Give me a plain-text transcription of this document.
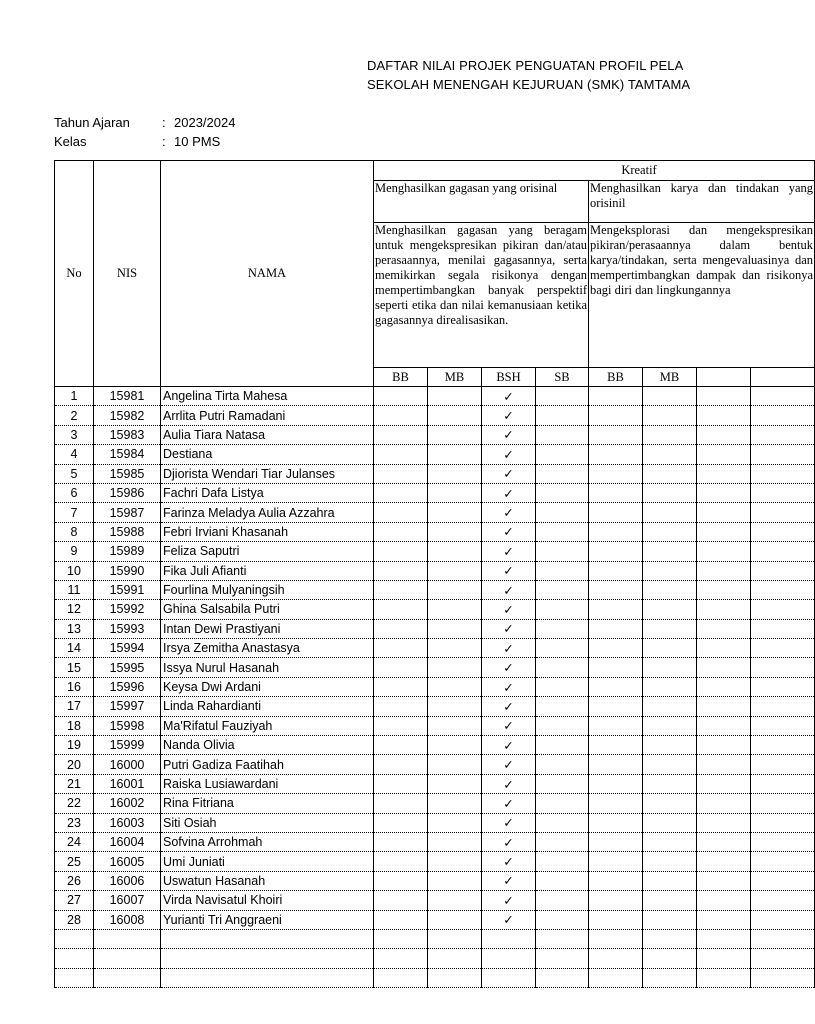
DAFTAR NILAI PROJEK PENGUATAN PROFIL PELA
SEKOLAH MENENGAH KEJURUAN (SMK) TAMTAMA
Tahun Ajaran : 2023/2024
Kelas	: 10 PMS
No	NIS	NAMA	Kreatif							
			Menghasilkan gagasan yang orisinal				Menghasilkan karya dan tindakan yang orisinil			
			Menghasilkan gagasan yang beragam untuk mengekspresikan pikiran dan/atau perasaannya, menilai gagasannya, serta memikirkan segala risikonya dengan mempertimbangkan banyak perspektif seperti etika dan nilai kemanusiaan ketika gagasannya direalisasikan.				Mengeksplorasi dan mengekspresikan pikiran/perasaannya dalam bentuk karya/tindakan, serta mengevaluasinya dan mempertimbangkan dampak dan risikonya bagi diri dan lingkungannya			
			BB	MB	BSH	SB	BB	MB		
1	15981	Angelina Tirta Mahesa			✓					
2	15982	Arrlita Putri Ramadani			✓					
3	15983	Aulia Tiara Natasa			✓					
4	15984	Destiana			✓					
5	15985	Djiorista Wendari Tiar Julanses			✓					
6	15986	Fachri Dafa Listya			✓					
7	15987	Farinza Meladya Aulia Azzahra			✓					
8	15988	Febri Irviani Khasanah			✓					
9	15989	Feliza Saputri			✓					
10	15990	Fika Juli Afianti			✓					
11	15991	Fourlina Mulyaningsih			✓					
12	15992	Ghina Salsabila Putri			✓					
13	15993	Intan Dewi Prastiyani			✓					
14	15994	Irsya Zemitha Anastasya			✓					
15	15995	Issya Nurul Hasanah			✓					
16	15996	Keysa Dwi Ardani			✓					
17	15997	Linda Rahardianti			✓					
18	15998	Ma'Rifatul Fauziyah			✓					
19	15999	Nanda Olivia			✓					
20	16000	Putri Gadiza Faatihah			✓					
21	16001	Raiska Lusiawardani			✓					
22	16002	Rina Fitriana			✓					
23	16003	Siti Osiah			✓					
24	16004	Sofvina Arrohmah			✓					
25	16005	Umi Juniati			✓					
26	16006	Uswatun Hasanah			✓					
27	16007	Virda Navisatul Khoiri			✓					
28	16008	Yurianti Tri Anggraeni			✓					
